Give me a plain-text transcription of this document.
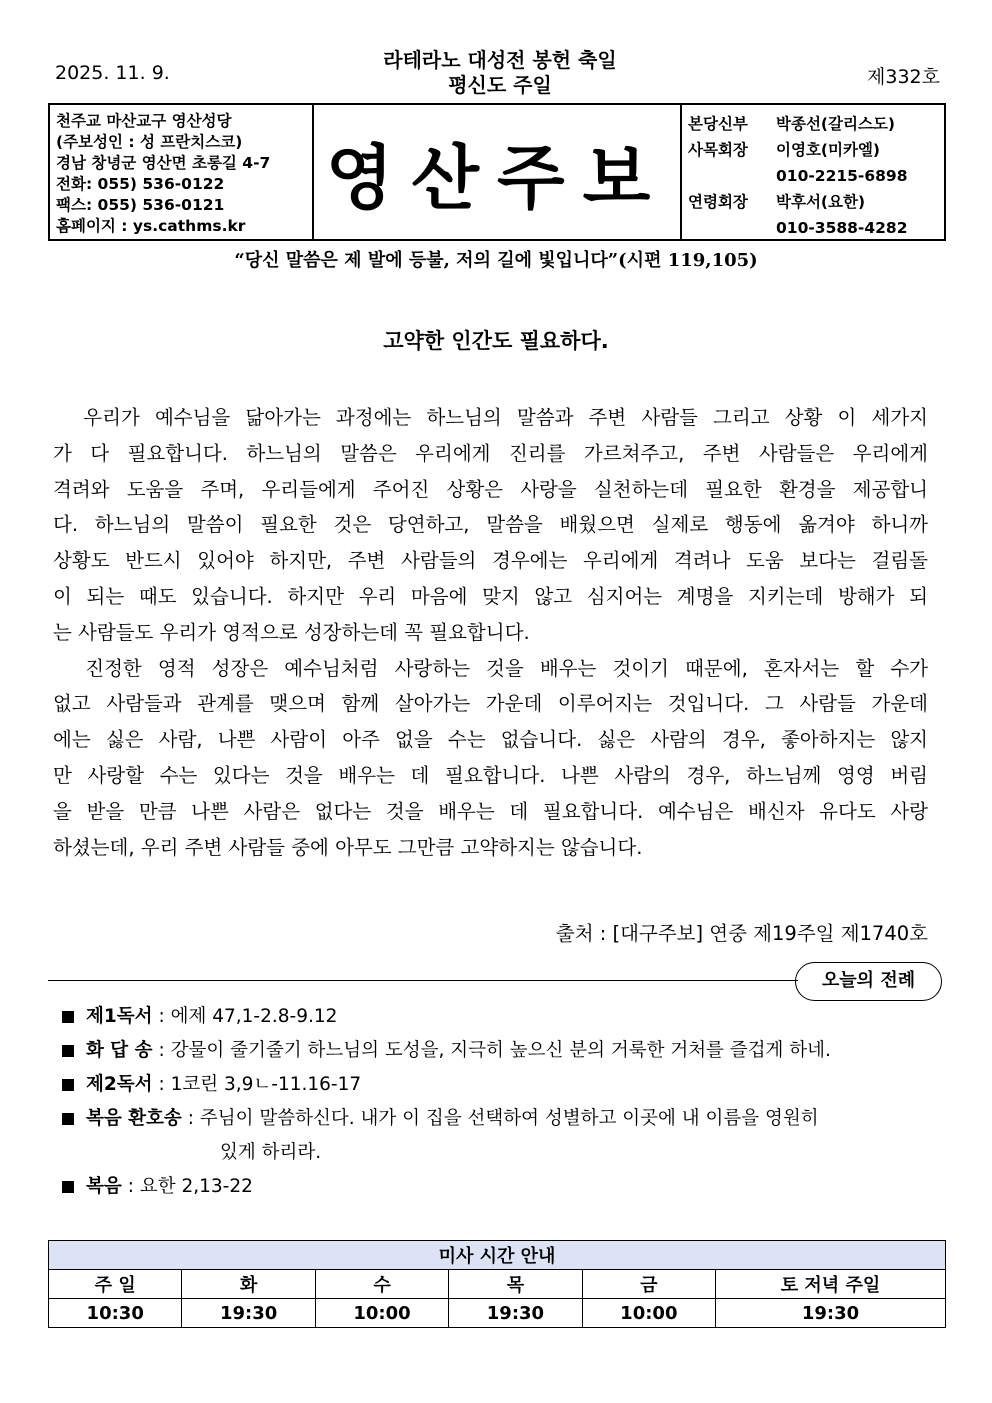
2025. 11. 9.
라테라노 대성전 봉헌 축일
평신도 주일	제332호
천주교 마산교구 영산성당
(주보성인 : 성 프란치스코)
경남 창녕군 영산면 초롱길 4-7
전화: 055) 536-0122
팩스: 055) 536-0121
홈페이지 : ys.cathms.kr
영산주보
본당신부	박종선(갈리스도)
사목회장	이영호(미카엘)
010-2215-6898
연령회장	박후서(요한)
010-3588-4282
“당신 말씀은 제 발에 등불, 저의 길에 빛입니다”(시편 119,105)
고약한 인간도 필요하다.
우리가 예수님을 닮아가는 과정에는 하느님의 말씀과 주변 사람들 그리고 상황 이 세가지
가 다 필요합니다. 하느님의 말씀은 우리에게 진리를 가르쳐주고, 주변 사람들은 우리에게
격려와 도움을 주며, 우리들에게 주어진 상황은 사랑을 실천하는데 필요한 환경을 제공합니
다. 하느님의 말씀이 필요한 것은 당연하고, 말씀을 배웠으면 실제로 행동에 옮겨야 하니까
상황도 반드시 있어야 하지만, 주변 사람들의 경우에는 우리에게 격려나 도움 보다는 걸림돌
이 되는 때도 있습니다. 하지만 우리 마음에 맞지 않고 심지어는 계명을 지키는데 방해가 되
는 사람들도 우리가 영적으로 성장하는데 꼭 필요합니다.
진정한 영적 성장은 예수님처럼 사랑하는 것을 배우는 것이기 때문에, 혼자서는 할 수가
없고 사람들과 관계를 맺으며 함께 살아가는 가운데 이루어지는 것입니다. 그 사람들 가운데
에는 싫은 사람, 나쁜 사람이 아주 없을 수는 없습니다. 싫은 사람의 경우, 좋아하지는 않지
만 사랑할 수는 있다는 것을 배우는 데 필요합니다. 나쁜 사람의 경우, 하느님께 영영 버림
을 받을 만큼 나쁜 사람은 없다는 것을 배우는 데 필요합니다. 예수님은 배신자 유다도 사랑
하셨는데, 우리 주변 사람들 중에 아무도 그만큼 고약하지는 않습니다.
출처 : [대구주보] 연중 제19주일 제1740호
오늘의 전례
제1독서 : 에제 47,1-2.8-9.12
화 답 송 : 강물이 줄기줄기 하느님의 도성을, 지극히 높으신 분의 거룩한 거처를 즐겁게 하네.
제2독서 : 1코린 3,9ㄴ-11.16-17
복음 환호송 : 주님이 말씀하신다. 내가 이 집을 선택하여 성별하고 이곳에 내 이름을 영원히
있게 하리라.
복음 : 요한 2,13-22
미사 시간 안내					
주 일	화	수	목	금	토 저녁 주일
10:30	19:30	10:00	19:30	10:00	19:30
